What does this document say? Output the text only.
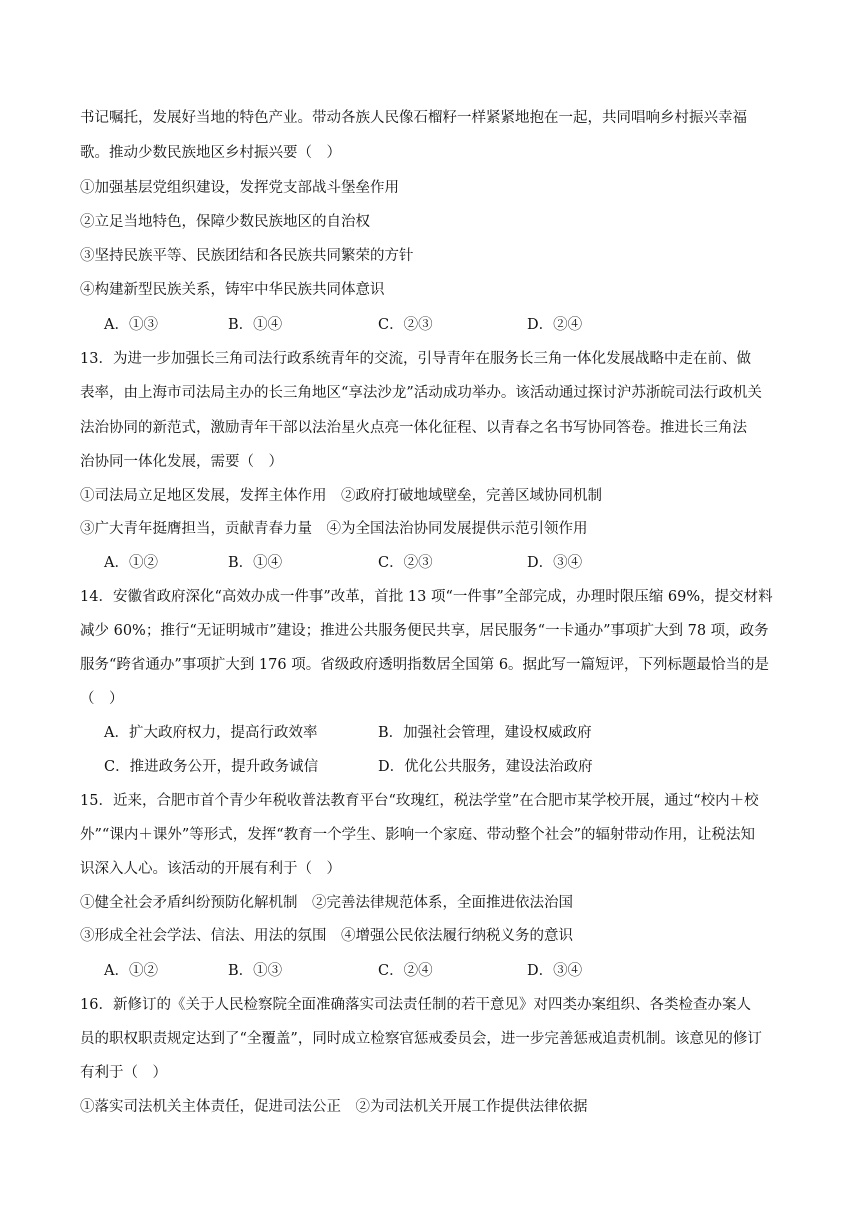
书记嘱托，发展好当地的特色产业。带动各族人民像石榴籽一样紧紧地抱在一起，共同唱响乡村振兴幸福
歌。推动少数民族地区乡村振兴要（　）
①加强基层党组织建设，发挥党支部战斗堡垒作用
②立足当地特色，保障少数民族地区的自治权
③坚持民族平等、民族团结和各民族共同繁荣的方针
④构建新型民族关系，铸牢中华民族共同体意识
A．①③	B．①④	C．②③	D．②④
13．为进一步加强长三角司法行政系统青年的交流，引导青年在服务长三角一体化发展战略中走在前、做
表率，由上海市司法局主办的长三角地区“享法沙龙”活动成功举办。该活动通过探讨沪苏浙皖司法行政机关
法治协同的新范式，激励青年干部以法治星火点亮一体化征程、以青春之名书写协同答卷。推进长三角法
治协同一体化发展，需要（　）
①司法局立足地区发展，发挥主体作用　②政府打破地域壁垒，完善区域协同机制
③广大青年挺膺担当，贡献青春力量　④为全国法治协同发展提供示范引领作用
A．①②	B．①④	C．②③	D．③④
14．安徽省政府深化“高效办成一件事”改革，首批 13 项“一件事”全部完成，办理时限压缩 69%，提交材料
减少 60%；推行“无证明城市”建设；推进公共服务便民共享，居民服务“一卡通办”事项扩大到 78 项，政务
服务“跨省通办”事项扩大到 176 项。省级政府透明指数居全国第 6。据此写一篇短评，下列标题最恰当的是
（　）
A．扩大政府权力，提高行政效率	B．加强社会管理，建设权威政府
C．推进政务公开，提升政务诚信	D．优化公共服务，建设法治政府
15．近来，合肥市首个青少年税收普法教育平台“玫瑰红，税法学堂”在合肥市某学校开展，通过“校内＋校
外”“课内＋课外”等形式，发挥“教育一个学生、影响一个家庭、带动整个社会”的辐射带动作用，让税法知
识深入人心。该活动的开展有利于（　）
①健全社会矛盾纠纷预防化解机制　②完善法律规范体系，全面推进依法治国
③形成全社会学法、信法、用法的氛围　④增强公民依法履行纳税义务的意识
A．①②	B．①③	C．②④	D．③④
16．新修订的《关于人民检察院全面准确落实司法责任制的若干意见》对四类办案组织、各类检查办案人
员的职权职责规定达到了“全覆盖”，同时成立检察官惩戒委员会，进一步完善惩戒追责机制。该意见的修订
有利于（　）
①落实司法机关主体责任，促进司法公正　②为司法机关开展工作提供法律依据
